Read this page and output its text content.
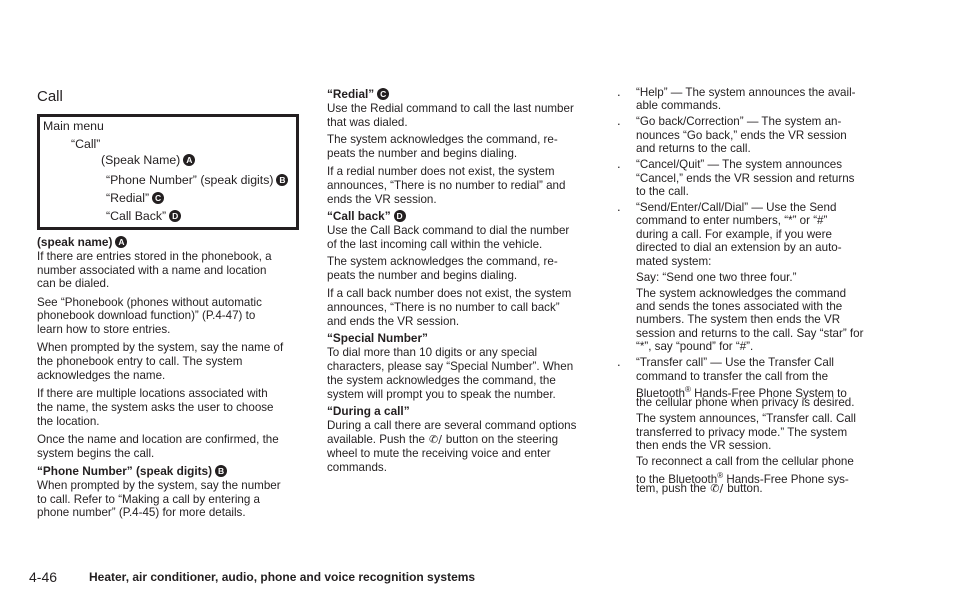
Call
Main menu
“Call”
(Speak Name) A
“Phone Number” (speak digits) B
“Redial” C
“Call Back” D
(speak name) A
If there are entries stored in the phonebook, a
number associated with a name and location
can be dialed.
See “Phonebook (phones without automatic
phonebook download function)” (P.4-47) to
learn how to store entries.
When prompted by the system, say the name of
the phonebook entry to call. The system
acknowledges the name.
If there are multiple locations associated with
the name, the system asks the user to choose
the location.
Once the name and location are confirmed, the
system begins the call.
“Phone Number” (speak digits) B
When prompted by the system, say the number
to call. Refer to “Making a call by entering a
phone number” (P.4-45) for more details.
“Redial” C
Use the Redial command to call the last number
that was dialed.
The system acknowledges the command, re-
peats the number and begins dialing.
If a redial number does not exist, the system
announces, “There is no number to redial” and
ends the VR session.
“Call back” D
Use the Call Back command to dial the number
of the last incoming call within the vehicle.
The system acknowledges the command, re-
peats the number and begins dialing.
If a call back number does not exist, the system
announces, “There is no number to call back”
and ends the VR session.
“Special Number”
To dial more than 10 digits or any special
characters, please say “Special Number”. When
the system acknowledges the command, the
system will prompt you to speak the number.
“During a call”
During a call there are several command options
available. Push the ✆∕ button on the steering
wheel to mute the receiving voice and enter
commands.
. “Help” — The system announces the avail-
able commands.
. “Go back/Correction” — The system an-
nounces “Go back,” ends the VR session
and returns to the call.
. “Cancel/Quit” — The system announces
“Cancel,” ends the VR session and returns
to the call.
. “Send/Enter/Call/Dial” — Use the Send
command to enter numbers, “*” or “#”
during a call. For example, if you were
directed to dial an extension by an auto-
mated system:
Say: “Send one two three four.”
The system acknowledges the command
and sends the tones associated with the
numbers. The system then ends the VR
session and returns to the call. Say “star” for
“*”, say “pound” for “#”.
. “Transfer call” — Use the Transfer Call
command to transfer the call from the
Bluetooth® Hands-Free Phone System to
the cellular phone when privacy is desired.
The system announces, “Transfer call. Call
transferred to privacy mode.” The system
then ends the VR session.
To reconnect a call from the cellular phone
to the Bluetooth® Hands-Free Phone sys-
tem, push the ✆∕ button.
4-46	Heater, air conditioner, audio, phone and voice recognition systems
